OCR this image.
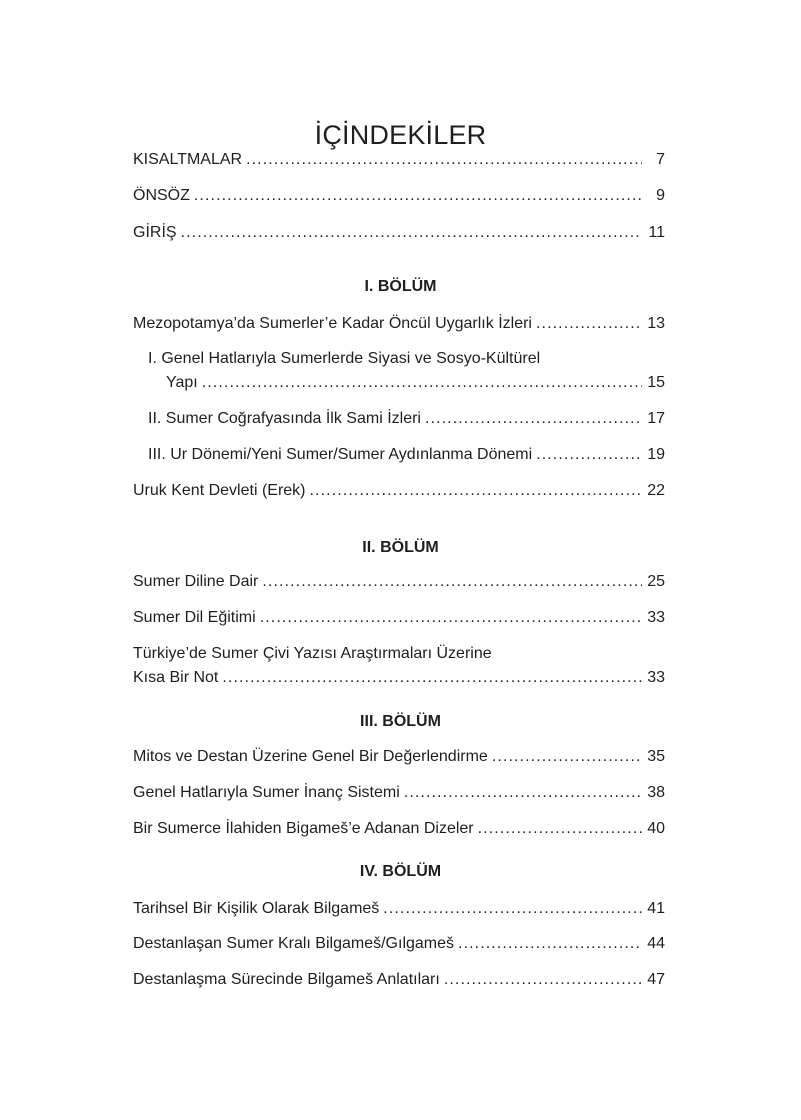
İÇİNDEKİLER
KISALTMALAR .....	7
ÖNSÖZ .....	9
GİRİŞ .....	11
I. BÖLÜM
Mezopotamya’da Sumerler’e Kadar Öncül Uygarlık İzleri .....	13
I. Genel Hatlarıyla Sumerlerde Siyasi ve Sosyo-Kültürel
Yapı .....	15
II. Sumer Coğrafyasında İlk Sami İzleri .....	17
III. Ur Dönemi/Yeni Sumer/Sumer Aydınlanma Dönemi .....	19
Uruk Kent Devleti (Erek) .....	22
II. BÖLÜM
Sumer Diline Dair .....	25
Sumer Dil Eğitimi .....	33
Türkiye’de Sumer Çivi Yazısı Araştırmaları Üzerine
Kısa Bir Not .....	33
III. BÖLÜM
Mitos ve Destan Üzerine Genel Bir Değerlendirme .....	35
Genel Hatlarıyla Sumer İnanç Sistemi .....	38
Bir Sumerce İlahiden Bigameš’e Adanan Dizeler .....	40
IV. BÖLÜM
Tarihsel Bir Kişilik Olarak Bilgameš .....	41
Destanlaşan Sumer Kralı Bilgameš/Gılgameš .....	44
Destanlaşma Sürecinde Bilgameš Anlatıları .....	47
